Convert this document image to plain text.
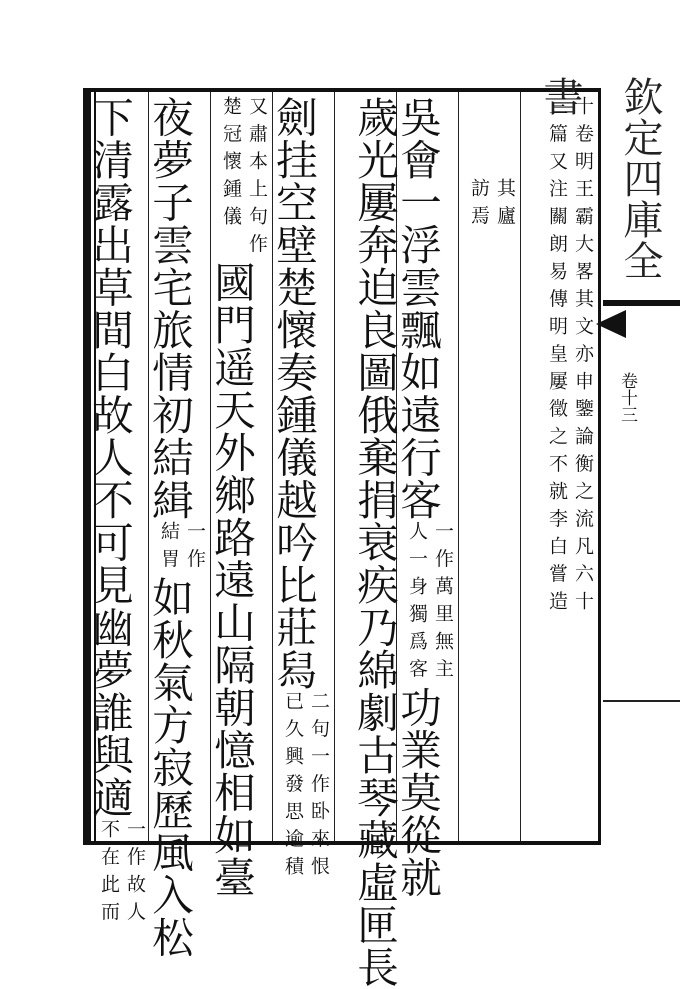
欽定四庫全書
卷十三
十卷明王霸大畧其文亦申鑒論衡之流凡六十
三篇又注關朗易傳明皇屢徵之不就李白嘗造
其廬
訪焉
吳會一浮雲飄如遠行客一作萬里無主
人一身獨爲客功業莫從就
歲光屢奔迫良圖俄棄捐衰疾乃綿劇古琴藏虛匣長
劍挂空壁楚懷奏鍾儀越吟比莊舄二句一作卧來恨
已久興發思逾積
又肅本上句作
楚冠懷鍾儀國門遥天外鄉路遠山隔朝憶相如臺
夜夢子雲宅旅情初結緝一作
結胃如秋氣方寂歷風入松
下清露出草間白故人不可見幽夢誰與適一作故人
不在此而
